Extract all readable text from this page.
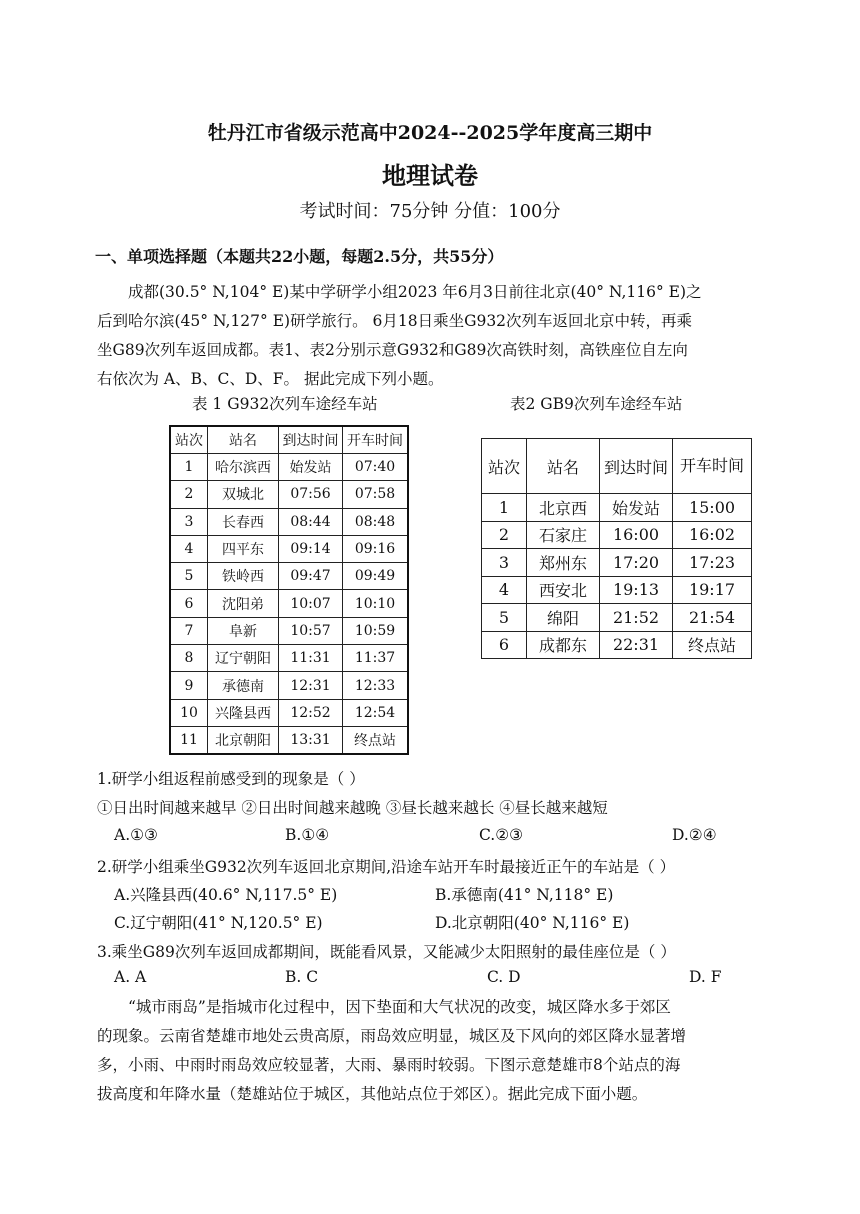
牡丹江市省级示范高中2024--2025学年度高三期中
地理试卷
考试时间：75分钟 分值：100分
一、单项选择题（本题共22小题，每题2.5分，共55分）
成都(30.5° N,104° E)某中学研学小组2023 年6月3日前往北京(40° N,116° E)之
后到哈尔滨(45° N,127° E)研学旅行。 6月18日乘坐G932次列车返回北京中转，再乘
坐G89次列车返回成都。表1、表2分别示意G932和G89次高铁时刻，高铁座位自左向
右依次为 A、B、C、D、F。 据此完成下列小题。
表 1 G932次列车途经车站	表2 GB9次列车途经车站
站次	站名	到达时间	开车时间
1	哈尔滨西	始发站	07:40
2	双城北	07:56	07:58
3	长春西	08:44	08:48
4	四平东	09:14	09:16
5	铁岭西	09:47	09:49
6	沈阳弟	10:07	10:10
7	阜新	10:57	10:59
8	辽宁朝阳	11:31	11:37
9	承德南	12:31	12:33
10	兴隆县西	12:52	12:54
11	北京朝阳	13:31	终点站
站次	站名	到达时间	开车时间
1	北京西	始发站	15:00
2	石家庄	16:00	16:02
3	郑州东	17:20	17:23
4	西安北	19:13	19:17
5	绵阳	21:52	21:54
6	成都东	22:31	终点站
1.研学小组返程前感受到的现象是（ ）
①日出时间越来越早 ②日出时间越来越晚 ③昼长越来越长 ④昼长越来越短
A.①③	B.①④	C.②③	D.②④
2.研学小组乘坐G932次列车返回北京期间,沿途车站开车时最接近正午的车站是（ ）
A.兴隆县西(40.6° N,117.5° E)	B.承德南(41° N,118° E)
C.辽宁朝阳(41° N,120.5° E)	D.北京朝阳(40° N,116° E)
3.乘坐G89次列车返回成都期间，既能看风景，又能减少太阳照射的最佳座位是（ ）
A. A	B. C	C. D	D. F
“城市雨岛”是指城市化过程中，因下垫面和大气状况的改变，城区降水多于郊区
的现象。云南省楚雄市地处云贵高原，雨岛效应明显，城区及下风向的郊区降水显著增
多，小雨、中雨时雨岛效应较显著，大雨、暴雨时较弱。下图示意楚雄市8个站点的海
拔高度和年降水量（楚雄站位于城区，其他站点位于郊区）。据此完成下面小题。
